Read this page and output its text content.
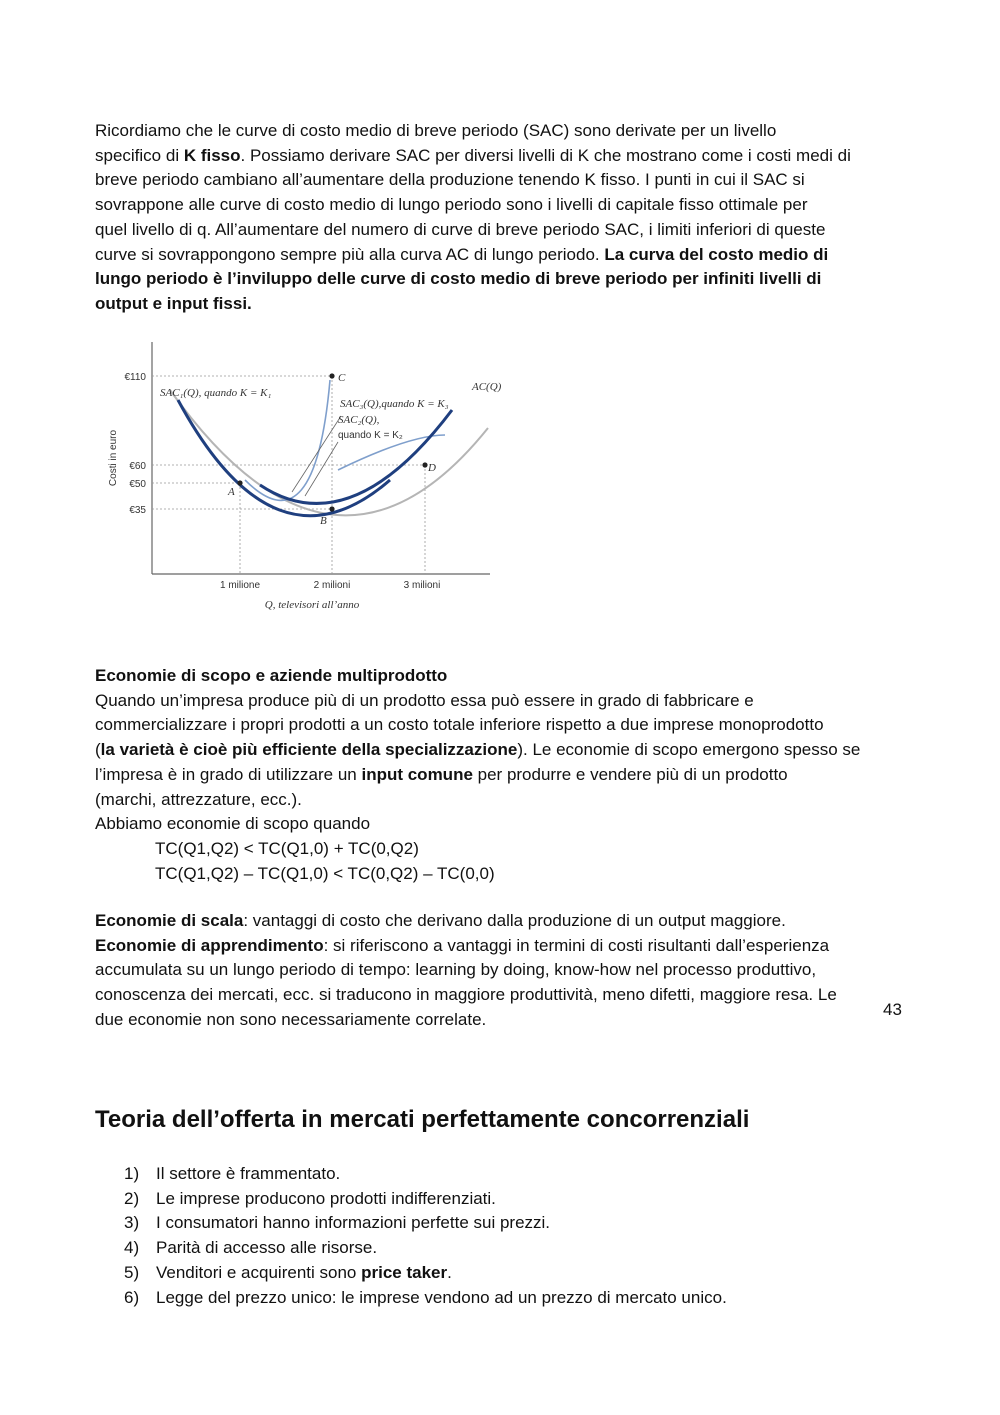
Ricordiamo che le curve di costo medio di breve periodo (SAC) sono derivate per un livello
specifico di K fisso. Possiamo derivare SAC per diversi livelli di K che mostrano come i costi medi di
breve periodo cambiano all’aumentare della produzione tenendo K fisso. I punti in cui il SAC si
sovrappone alle curve di costo medio di lungo periodo sono i livelli di capitale fisso ottimale per
quel livello di q. All’aumentare del numero di curve di breve periodo SAC, i limiti inferiori di queste
curve si sovrappongono sempre più alla curva AC di lungo periodo. La curva del costo medio di
lungo periodo è l’inviluppo delle curve di costo medio di breve periodo per infiniti livelli di
output e input fissi.
A
B
C
D
SAC₁(Q), quando K = K₁
SAC₃(Q),quando K = K₃
SAC₂(Q),
quando K = K₂
AC(Q)
€110
€60
€50
€35
1 milione	2 milioni	3 milioni
Q, televisori all’anno
Costi in euro
Economie di scopo e aziende multiprodotto
Quando un’impresa produce più di un prodotto essa può essere in grado di fabbricare e
commercializzare i propri prodotti a un costo totale inferiore rispetto a due imprese monoprodotto
(la varietà è cioè più efficiente della specializzazione). Le economie di scopo emergono spesso se
l’impresa è in grado di utilizzare un input comune per produrre e vendere più di un prodotto
(marchi, attrezzature, ecc.).
Abbiamo economie di scopo quando
TC(Q1,Q2) < TC(Q1,0) + TC(0,Q2)
TC(Q1,Q2) – TC(Q1,0) < TC(0,Q2) – TC(0,0)
Economie di scala: vantaggi di costo che derivano dalla produzione di un output maggiore.
Economie di apprendimento: si riferiscono a vantaggi in termini di costi risultanti dall’esperienza
accumulata su un lungo periodo di tempo: learning by doing, know-how nel processo produttivo,
conoscenza dei mercati, ecc. si traducono in maggiore produttività, meno difetti, maggiore resa. Le
due economie non sono necessariamente correlate.
Teoria dell’offerta in mercati perfettamente concorrenziali
1) Il settore è frammentato.
2) Le imprese producono prodotti indifferenziati.
3) I consumatori hanno informazioni perfette sui prezzi.
4) Parità di accesso alle risorse.
5) Venditori e acquirenti sono price taker.
6) Legge del prezzo unico: le imprese vendono ad un prezzo di mercato unico.
43
